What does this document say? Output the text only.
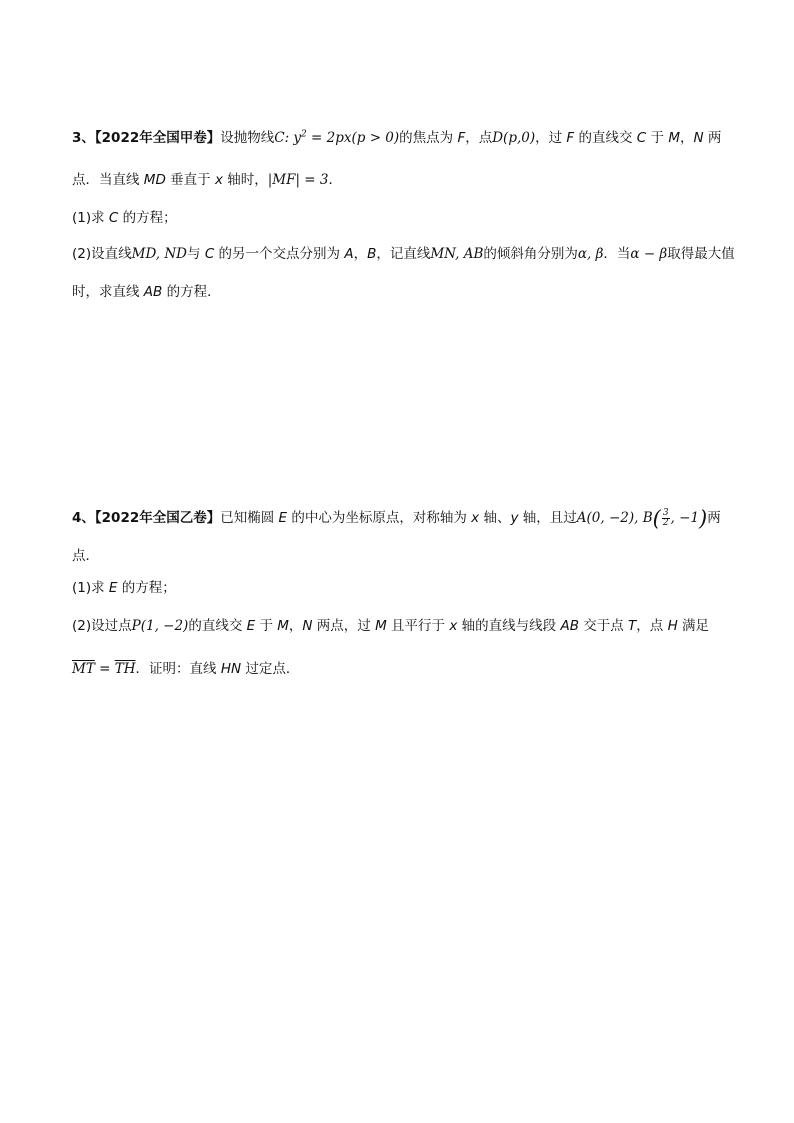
3、【2022年全国甲卷】设抛物线C: $y^2 = 2px(p > 0)$的焦点为 F，点D(p,0)，过 F 的直线交 C 于 M，N 两
点．当直线 MD 垂直于 x 轴时，|MF| = 3．
(1)求 C 的方程；
(2)设直线MD, ND与 C 的另一个交点分别为 A，B，记直线MN, AB的倾斜角分别为α, β．当α − β取得最大值
时，求直线 AB 的方程．
4、【2022年全国乙卷】已知椭圆 E 的中心为坐标原点，对称轴为 x 轴、y 轴，且过A(0, −2), $B( \frac{3}{2}$ , −1)两
点．
(1)求 E 的方程；
(2)设过点P(1, −2)的直线交 E 于 M，N 两点，过 M 且平行于 x 轴的直线与线段 AB 交于点 T，点 H 满足
$\overline{MT} = \overline{TH}$．证明：直线 HN 过定点．
